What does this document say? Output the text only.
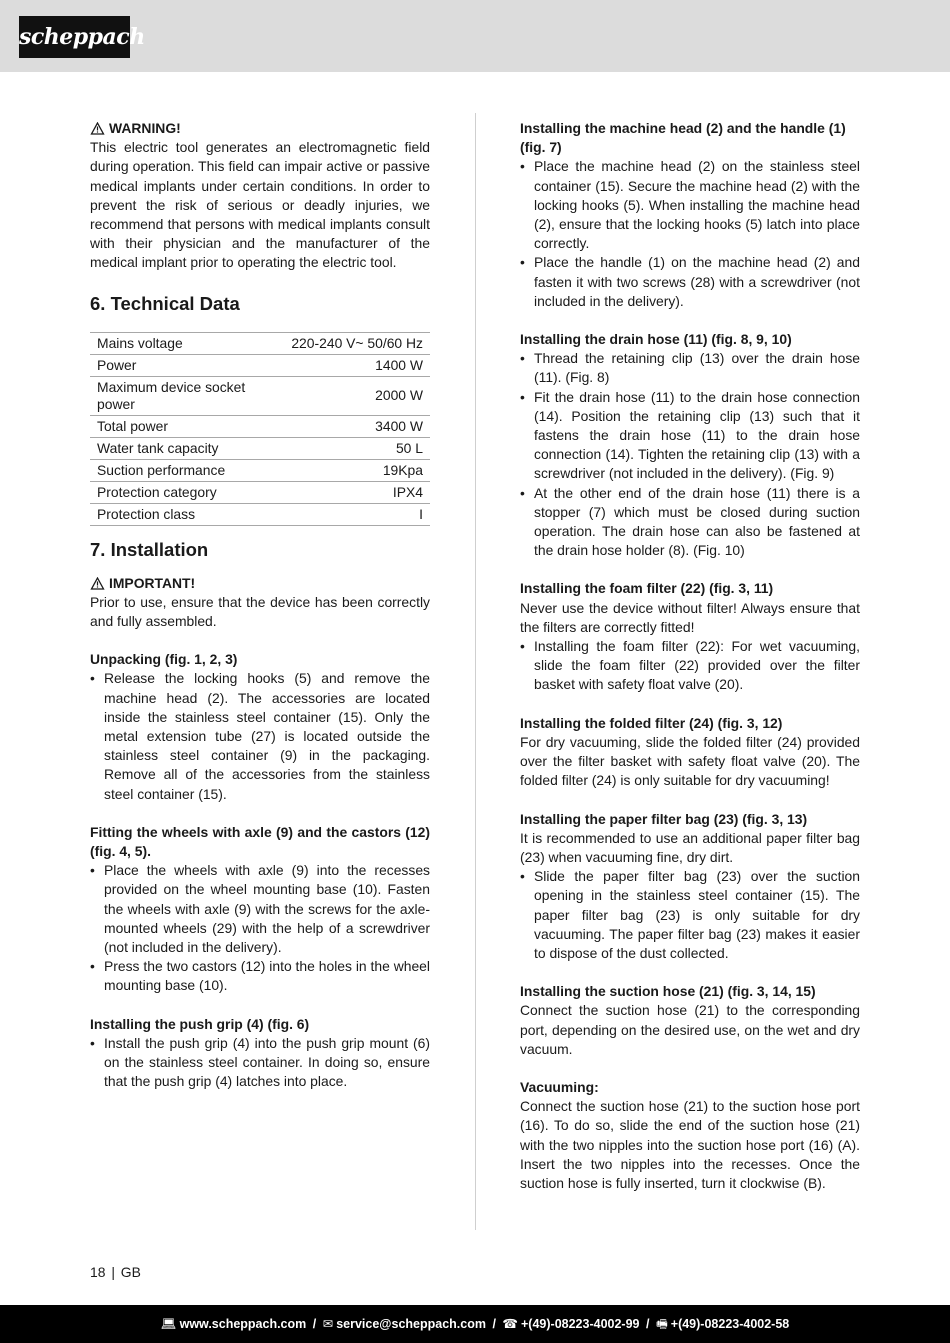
scheppach
WARNING!

This electric tool generates an electromagnetic field during operation. This field can impair active or passive medical implants under certain conditions. In order to prevent the risk of serious or deadly injuries, we recommend that persons with medical implants consult with their physician and the manufacturer of the medical implant prior to operating the electric tool.

6. Technical Data
Mains voltage	220-240 V~ 50/60 Hz
Power	1400 W
Maximum device socket power	2000 W
Total power	3400 W
Water tank capacity	50 L
Suction performance	19Kpa
Protection category	IPX4
Protection class	I
7. Installation
IMPORTANT!

Prior to use, ensure that the device has been correctly and fully assembled.

Unpacking (fig. 1, 2, 3)

• Release the locking hooks (5) and remove the machine head (2). The accessories are located inside the stainless steel container (15). Only the metal extension tube (27) is located outside the stainless steel container (9) in the packaging. Remove all of the accessories from the stainless steel container (15).

Fitting the wheels with axle (9) and the castors (12) (fig. 4, 5).

• Place the wheels with axle (9) into the recesses provided on the wheel mounting base (10). Fasten the wheels with axle (9) with the screws for the axle-mounted wheels (29) with the help of a screwdriver (not included in the delivery).
• Press the two castors (12) into the holes in the wheel mounting base (10).

Installing the push grip (4) (fig. 6)

• Install the push grip (4) into the push grip mount (6) on the stainless steel container. In doing so, ensure that the push grip (4) latches into place.

Installing the machine head (2) and the handle (1) (fig. 7)

• Place the machine head (2) on the stainless steel container (15). Secure the machine head (2) with the locking hooks (5). When installing the machine head (2), ensure that the locking hooks (5) latch into place correctly.
• Place the handle (1) on the machine head (2) and fasten it with two screws (28) with a screwdriver (not included in the delivery).

Installing the drain hose (11) (fig. 8, 9, 10)

• Thread the retaining clip (13) over the drain hose (11). (Fig. 8)
• Fit the drain hose (11) to the drain hose connection (14). Position the retaining clip (13) such that it fastens the drain hose (11) to the drain hose connection (14). Tighten the retaining clip (13) with a screwdriver (not included in the delivery). (Fig. 9)
• At the other end of the drain hose (11) there is a stopper (7) which must be closed during suction operation. The drain hose can also be fastened at the drain hose holder (8). (Fig. 10)

Installing the foam filter (22) (fig. 3, 11)

Never use the device without filter! Always ensure that the filters are correctly fitted!

• Installing the foam filter (22): For wet vacuuming, slide the foam filter (22) provided over the filter basket with safety float valve (20).

Installing the folded filter (24) (fig. 3, 12)

For dry vacuuming, slide the folded filter (24) provided over the filter basket with safety float valve (20). The folded filter (24) is only suitable for dry vacuuming!

Installing the paper filter bag (23) (fig. 3, 13)

It is recommended to use an additional paper filter bag (23) when vacuuming fine, dry dirt.

• Slide the paper filter bag (23) over the suction opening in the stainless steel container (15). The paper filter bag (23) is only suitable for dry vacuuming. The paper filter bag (23) makes it easier to dispose of the dust collected.

Installing the suction hose (21) (fig. 3, 14, 15)

Connect the suction hose (21) to the corresponding port, depending on the desired use, on the wet and dry vacuum.

Vacuuming:

Connect the suction hose (21) to the suction hose port (16). To do so, slide the end of the suction hose (21) with the two nipples into the suction hose port (16) (A). Insert the two nipples into the recesses. Once the suction hose is fully inserted, turn it clockwise (B).

18 | GB
💻︎ www.scheppach.com / ✉︎ service@scheppach.com / ☎︎ +(49)-08223-4002-99 / 🖷︎ +(49)-08223-4002-58
